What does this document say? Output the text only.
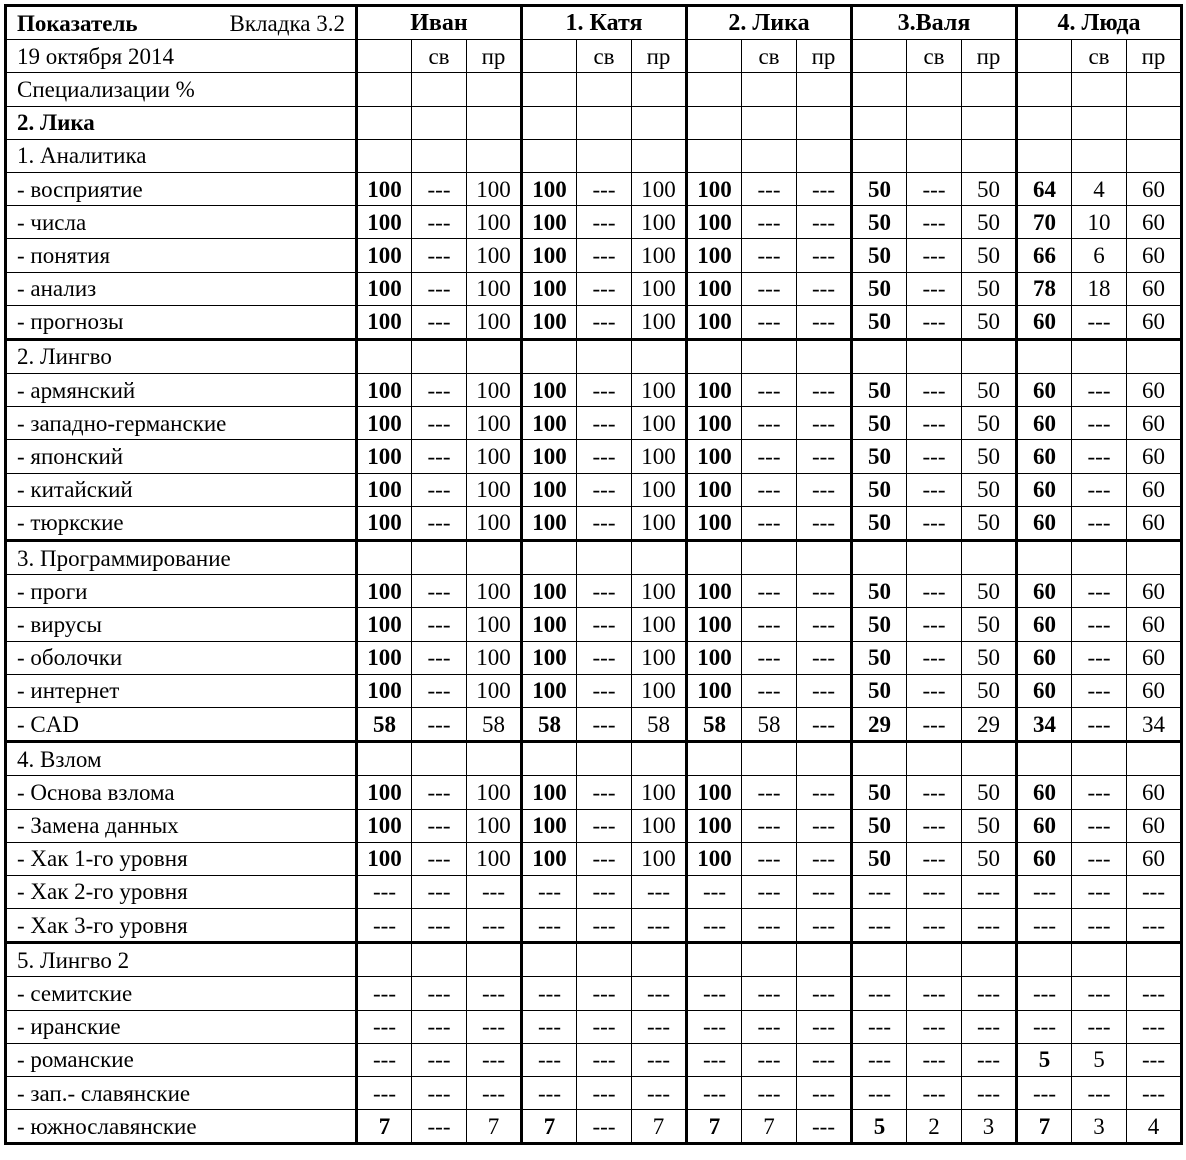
Показатель Вкладка 3.2	Иван			1. Катя			2. Лика			3.Валя			4. Люда		
19 октября 2014		св	пр		св	пр		св	пр		св	пр		св	пр
Специализации %															
2. Лика															
1. Аналитика															
- восприятие	100	---	100	100	---	100	100	---	---	50	---	50	64	4	60
- числа	100	---	100	100	---	100	100	---	---	50	---	50	70	10	60
- понятия	100	---	100	100	---	100	100	---	---	50	---	50	66	6	60
- анализ	100	---	100	100	---	100	100	---	---	50	---	50	78	18	60
- прогнозы	100	---	100	100	---	100	100	---	---	50	---	50	60	---	60
2. Лингво															
- армянский	100	---	100	100	---	100	100	---	---	50	---	50	60	---	60
- западно-германские	100	---	100	100	---	100	100	---	---	50	---	50	60	---	60
- японский	100	---	100	100	---	100	100	---	---	50	---	50	60	---	60
- китайский	100	---	100	100	---	100	100	---	---	50	---	50	60	---	60
- тюркские	100	---	100	100	---	100	100	---	---	50	---	50	60	---	60
3. Программирование															
- проги	100	---	100	100	---	100	100	---	---	50	---	50	60	---	60
- вирусы	100	---	100	100	---	100	100	---	---	50	---	50	60	---	60
- оболочки	100	---	100	100	---	100	100	---	---	50	---	50	60	---	60
- интернет	100	---	100	100	---	100	100	---	---	50	---	50	60	---	60
- CAD	58	---	58	58	---	58	58	58	---	29	---	29	34	---	34
4. Взлом															
- Основа взлома	100	---	100	100	---	100	100	---	---	50	---	50	60	---	60
- Замена данных	100	---	100	100	---	100	100	---	---	50	---	50	60	---	60
- Хак 1-го уровня	100	---	100	100	---	100	100	---	---	50	---	50	60	---	60
- Хак 2-го уровня	---	---	---	---	---	---	---	---	---	---	---	---	---	---	---
- Хак 3-го уровня	---	---	---	---	---	---	---	---	---	---	---	---	---	---	---
5. Лингво 2															
- семитские	---	---	---	---	---	---	---	---	---	---	---	---	---	---	---
- иранские	---	---	---	---	---	---	---	---	---	---	---	---	---	---	---
- романские	---	---	---	---	---	---	---	---	---	---	---	---	5	5	---
- зап.- славянские	---	---	---	---	---	---	---	---	---	---	---	---	---	---	---
- южнославянские	7	---	7	7	---	7	7	7	---	5	2	3	7	3	4
